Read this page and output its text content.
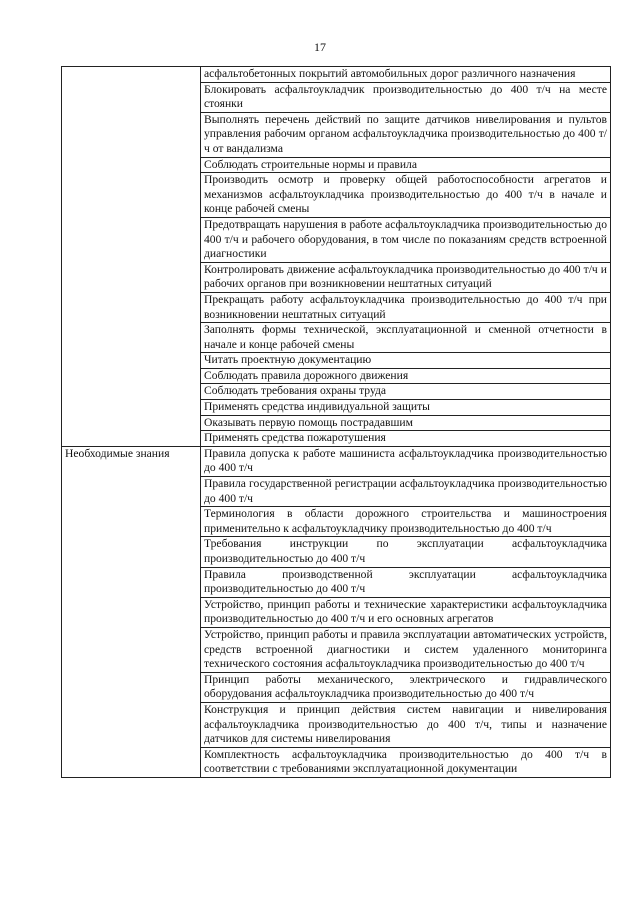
17
	асфальтобетонных покрытий автомобильных дорог различного назначения
	Блокировать асфальтоукладчик производительностью до 400 т/ч на месте стоянки
	Выполнять перечень действий по защите датчиков нивелирования и пультов управления рабочим органом асфальтоукладчика производительностью до 400 т/ч от вандализма
	Соблюдать строительные нормы и правила
	Производить осмотр и проверку общей работоспособности агрегатов и механизмов асфальтоукладчика производительностью до 400 т/ч в начале и конце рабочей смены
	Предотвращать нарушения в работе асфальтоукладчика производительностью до 400 т/ч и рабочего оборудования, в том числе по показаниям средств встроенной диагностики
	Контролировать движение асфальтоукладчика производительностью до 400 т/ч и рабочих органов при возникновении нештатных ситуаций
	Прекращать работу асфальтоукладчика производительностью до 400 т/ч при возникновении нештатных ситуаций
	Заполнять формы технической, эксплуатационной и сменной отчетности в начале и конце рабочей смены
	Читать проектную документацию
	Соблюдать правила дорожного движения
	Соблюдать требования охраны труда
	Применять средства индивидуальной защиты
	Оказывать первую помощь пострадавшим
	Применять средства пожаротушения
Необходимые знания	Правила допуска к работе машиниста асфальтоукладчика производительностью до 400 т/ч
	Правила государственной регистрации асфальтоукладчика производительностью до 400 т/ч
	Терминология в области дорожного строительства и машиностроения применительно к асфальтоукладчику производительностью до 400 т/ч
	Требования инструкции по эксплуатации асфальтоукладчика производительностью до 400 т/ч
	Правила производственной эксплуатации асфальтоукладчика производительностью до 400 т/ч
	Устройство, принцип работы и технические характеристики асфальтоукладчика производительностью до 400 т/ч и его основных агрегатов
	Устройство, принцип работы и правила эксплуатации автоматических устройств, средств встроенной диагностики и систем удаленного мониторинга технического состояния асфальтоукладчика производительностью до 400 т/ч
	Принцип работы механического, электрического и гидравлического оборудования асфальтоукладчика производительностью до 400 т/ч
	Конструкция и принцип действия систем навигации и нивелирования асфальтоукладчика производительностью до 400 т/ч, типы и назначение датчиков для системы нивелирования
	Комплектность асфальтоукладчика производительностью до 400 т/ч в соответствии с требованиями эксплуатационной документации
